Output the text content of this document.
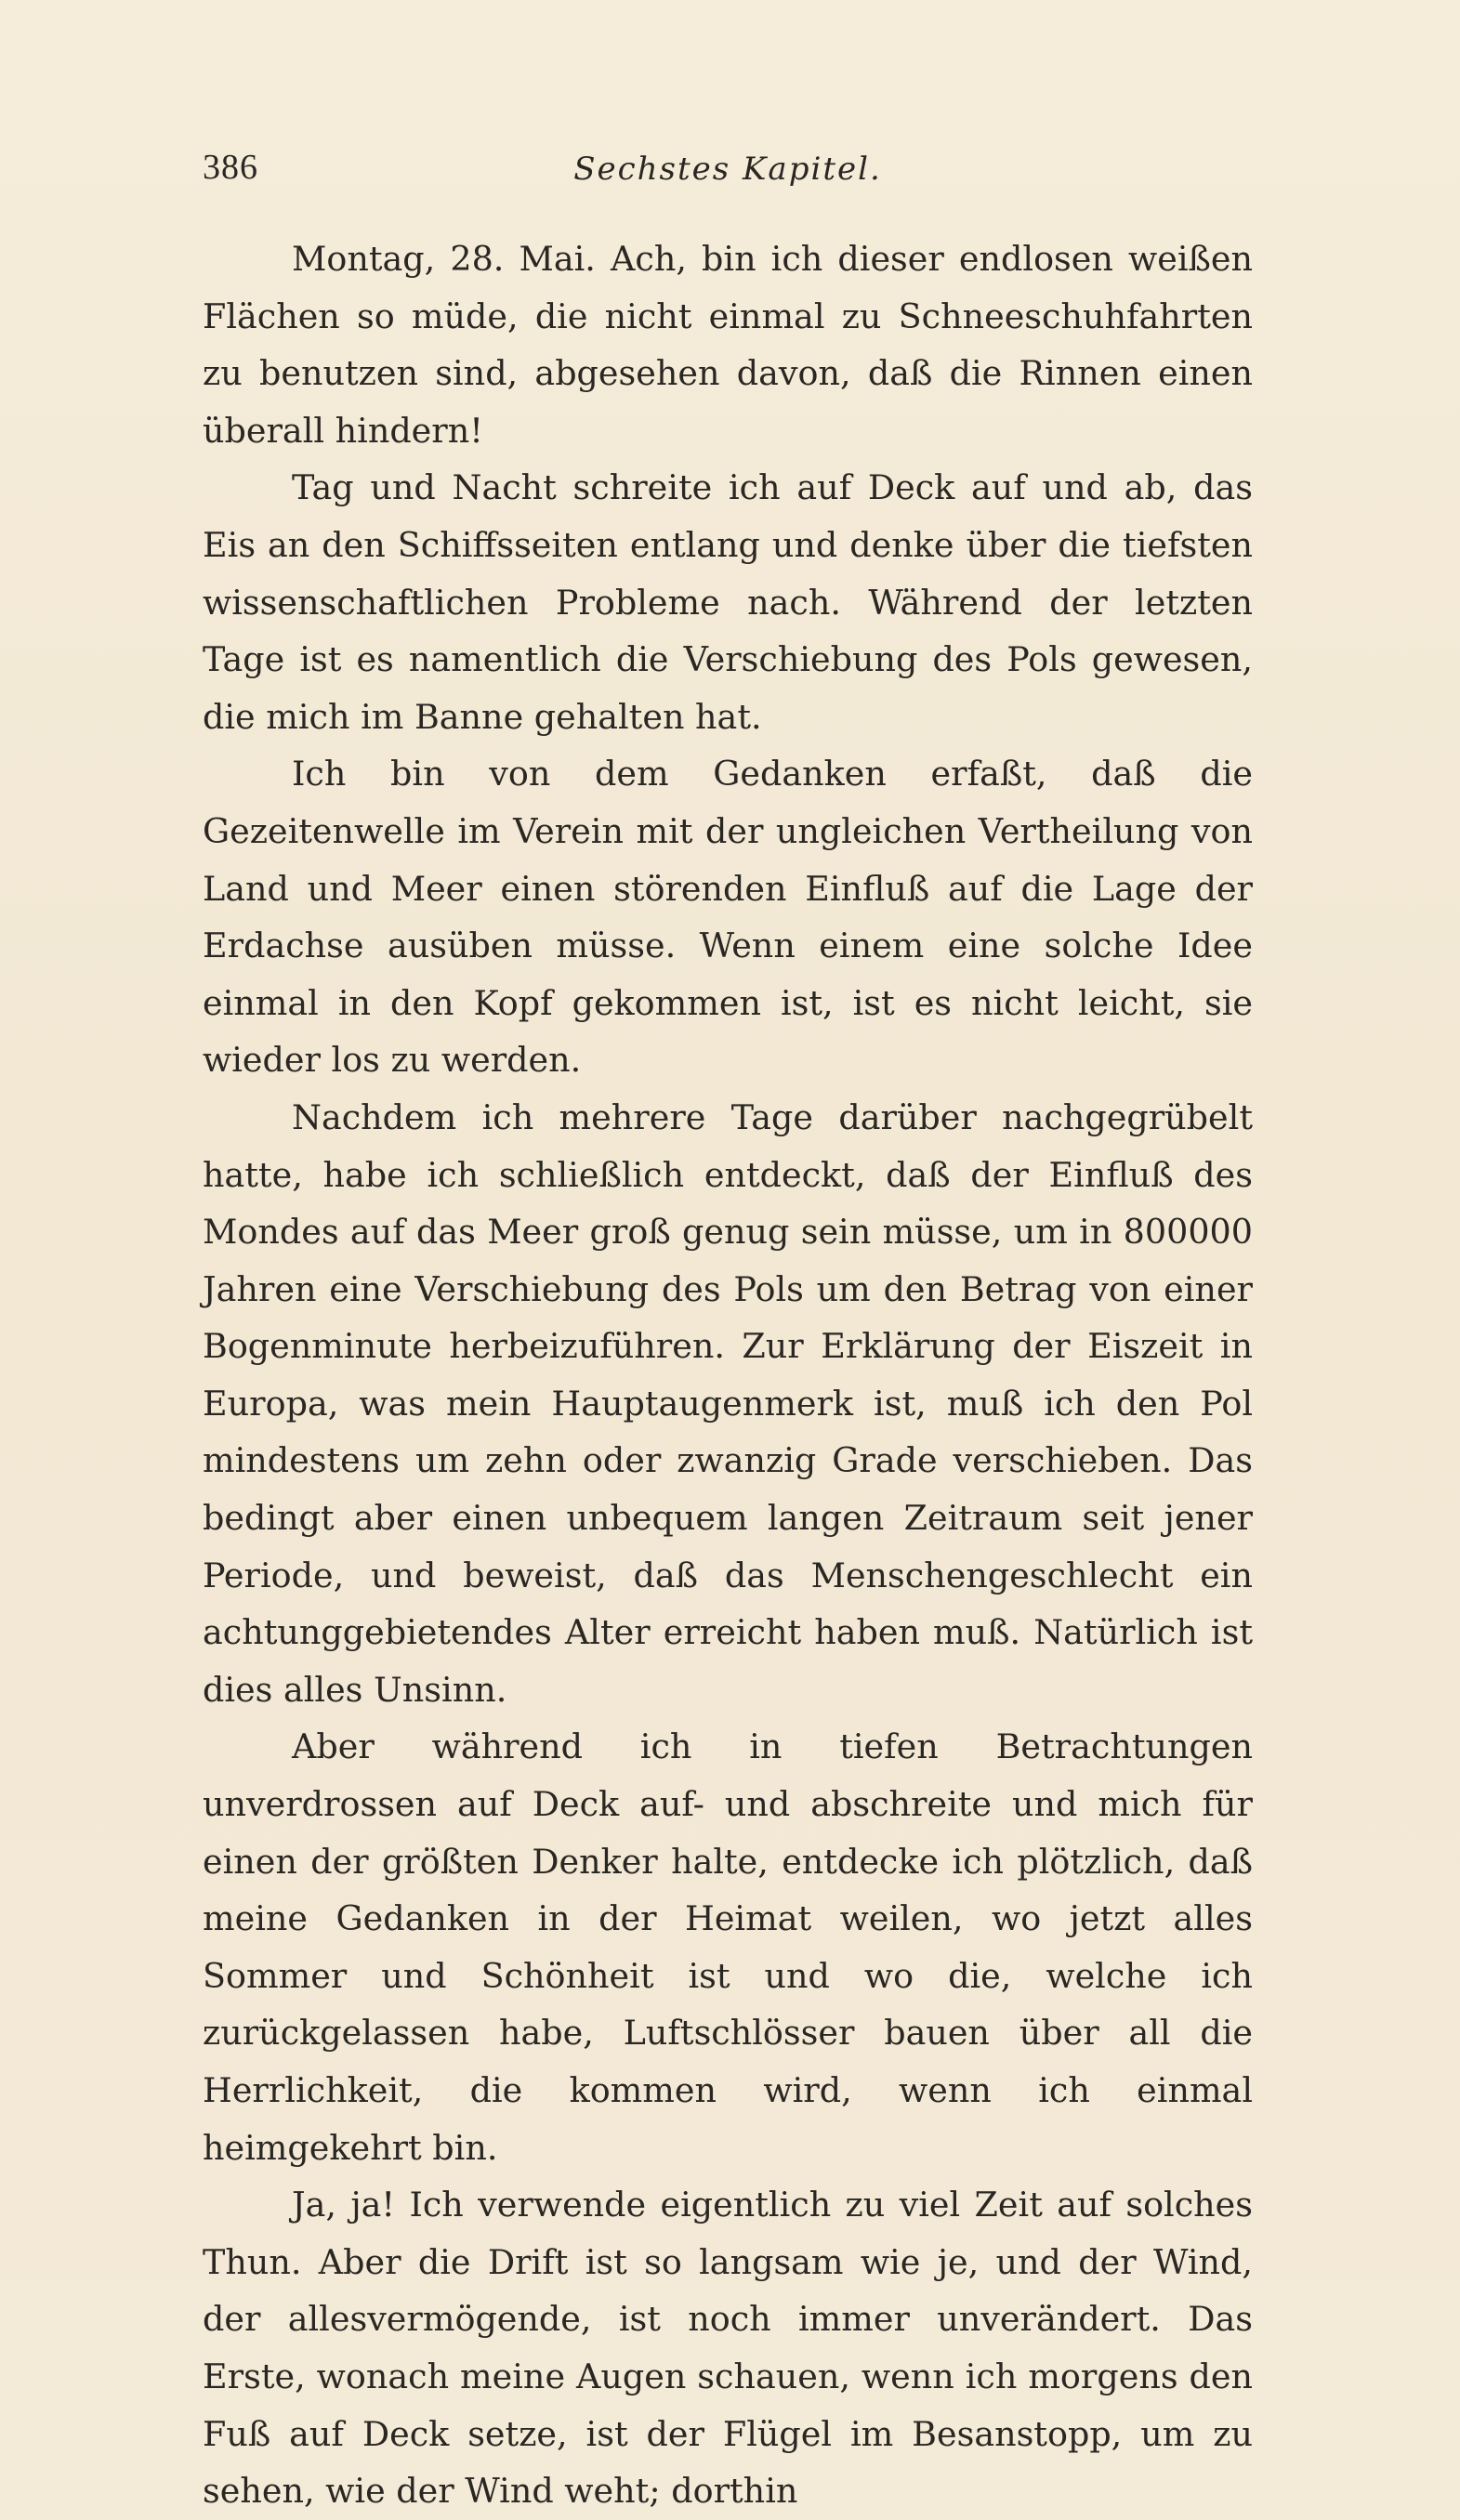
386	Sechstes Kapitel.

Montag, 28. Mai. Ach, bin ich dieser endlosen weißen Flächen so müde, die nicht einmal zu Schneeschuhfahrten zu benutzen sind, abgesehen davon, daß die Rinnen einen überall hindern!

Tag und Nacht schreite ich auf Deck auf und ab, das Eis an den Schiffsseiten entlang und denke über die tiefsten wissenschaftlichen Probleme nach. Während der letzten Tage ist es namentlich die Verschiebung des Pols gewesen, die mich im Banne gehalten hat.

Ich bin von dem Gedanken erfaßt, daß die Gezeitenwelle im Verein mit der ungleichen Vertheilung von Land und Meer einen störenden Einfluß auf die Lage der Erdachse ausüben müsse. Wenn einem eine solche Idee einmal in den Kopf gekommen ist, ist es nicht leicht, sie wieder los zu werden.

Nachdem ich mehrere Tage darüber nachgegrübelt hatte, habe ich schließlich entdeckt, daß der Einfluß des Mondes auf das Meer groß genug sein müsse, um in 800000 Jahren eine Verschiebung des Pols um den Betrag von einer Bogenminute herbeizuführen. Zur Erklärung der Eiszeit in Europa, was mein Hauptaugenmerk ist, muß ich den Pol mindestens um zehn oder zwanzig Grade verschieben. Das bedingt aber einen unbequem langen Zeitraum seit jener Periode, und beweist, daß das Menschengeschlecht ein achtunggebietendes Alter erreicht haben muß. Natürlich ist dies alles Unsinn.

Aber während ich in tiefen Betrachtungen unverdrossen auf Deck auf- und abschreite und mich für einen der größten Denker halte, entdecke ich plötzlich, daß meine Gedanken in der Heimat weilen, wo jetzt alles Sommer und Schönheit ist und wo die, welche ich zurückgelassen habe, Luftschlösser bauen über all die Herrlichkeit, die kommen wird, wenn ich einmal heimgekehrt bin.

Ja, ja! Ich verwende eigentlich zu viel Zeit auf solches Thun. Aber die Drift ist so langsam wie je, und der Wind, der allesvermögende, ist noch immer unverändert. Das Erste, wonach meine Augen schauen, wenn ich morgens den Fuß auf Deck setze, ist der Flügel im Besanstopp, um zu sehen, wie der Wind weht; dorthin
